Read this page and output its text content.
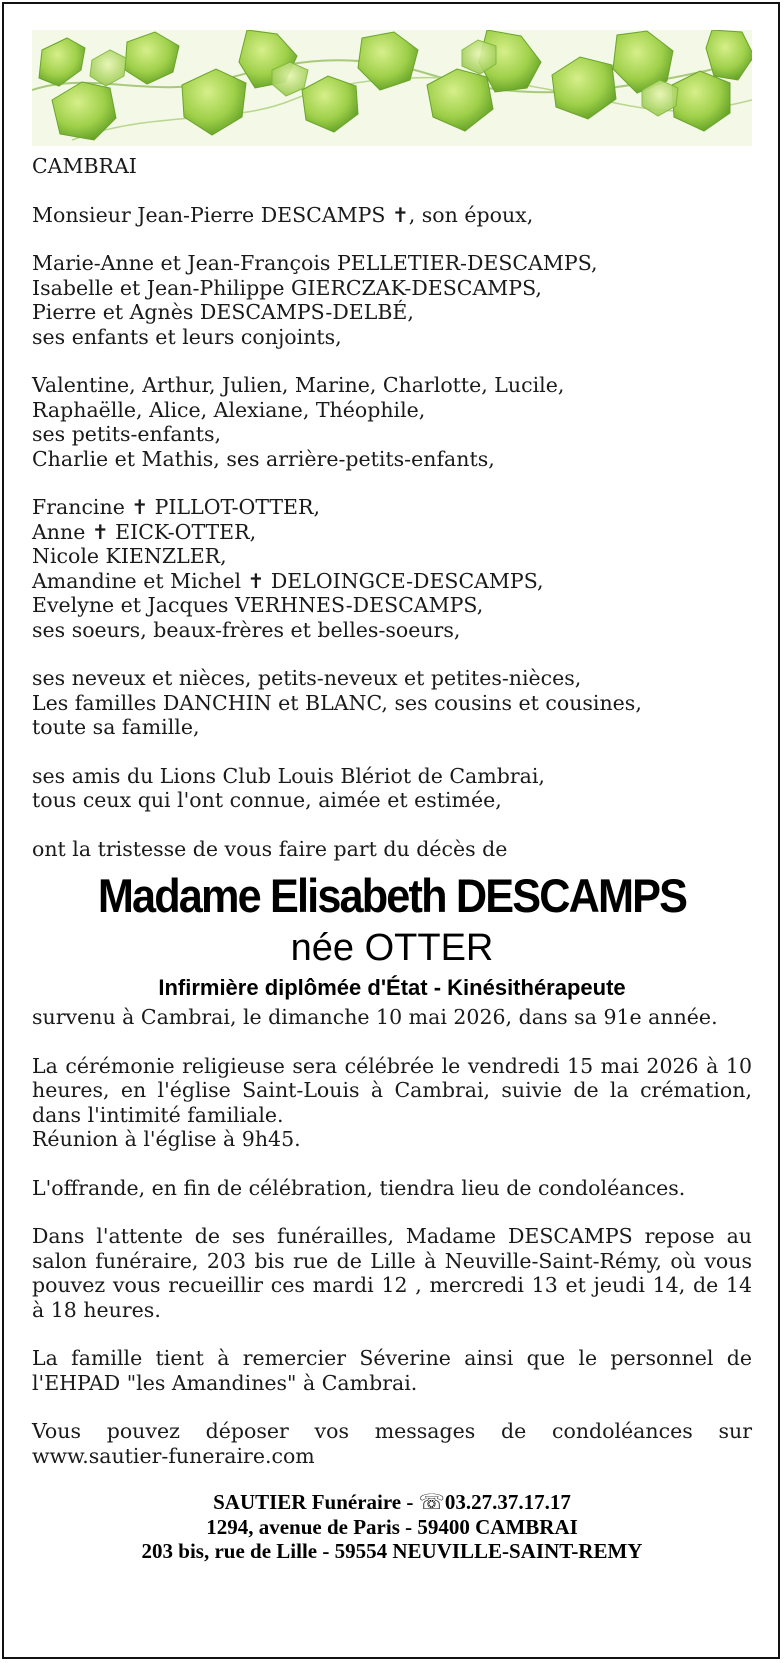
CAMBRAI
Monsieur Jean-Pierre DESCAMPS ✝, son époux,
Marie-Anne et Jean-François PELLETIER-DESCAMPS,
Isabelle et Jean-Philippe GIERCZAK-DESCAMPS,
Pierre et Agnès DESCAMPS-DELBÉ,
ses enfants et leurs conjoints,
Valentine, Arthur, Julien, Marine, Charlotte, Lucile,
Raphaëlle, Alice, Alexiane, Théophile,
ses petits-enfants,
Charlie et Mathis, ses arrière-petits-enfants,
Francine ✝ PILLOT-OTTER,
Anne ✝ EICK-OTTER,
Nicole KIENZLER,
Amandine et Michel ✝ DELOINGCE-DESCAMPS,
Evelyne et Jacques VERHNES-DESCAMPS,
ses soeurs, beaux-frères et belles-soeurs,
ses neveux et nièces, petits-neveux et petites-nièces,
Les familles DANCHIN et BLANC, ses cousins et cousines,
toute sa famille,
ses amis du Lions Club Louis Blériot de Cambrai,
tous ceux qui l'ont connue, aimée et estimée,
ont la tristesse de vous faire part du décès de
Madame Elisabeth DESCAMPS
née OTTER
Infirmière diplômée d'État - Kinésithérapeute
survenu à Cambrai, le dimanche 10 mai 2026, dans sa 91e année.
La cérémonie religieuse sera célébrée le vendredi 15 mai 2026 à 10 heures, en l'église Saint-Louis à Cambrai, suivie de la crémation, dans l'intimité familiale.
Réunion à l'église à 9h45.
L'offrande, en fin de célébration, tiendra lieu de condoléances.
Dans l'attente de ses funérailles, Madame DESCAMPS repose au salon funéraire, 203 bis rue de Lille à Neuville-Saint-Rémy, où vous pouvez vous recueillir ces mardi 12 , mercredi 13 et jeudi 14, de 14 à 18 heures.
La famille tient à remercier Séverine ainsi que le personnel de l'EHPAD "les Amandines" à Cambrai.
Vous pouvez déposer vos messages de condoléances sur
www.sautier-funeraire.com
SAUTIER Funéraire - ☏03.27.37.17.17
1294, avenue de Paris - 59400 CAMBRAI
203 bis, rue de Lille - 59554 NEUVILLE-SAINT-REMY
